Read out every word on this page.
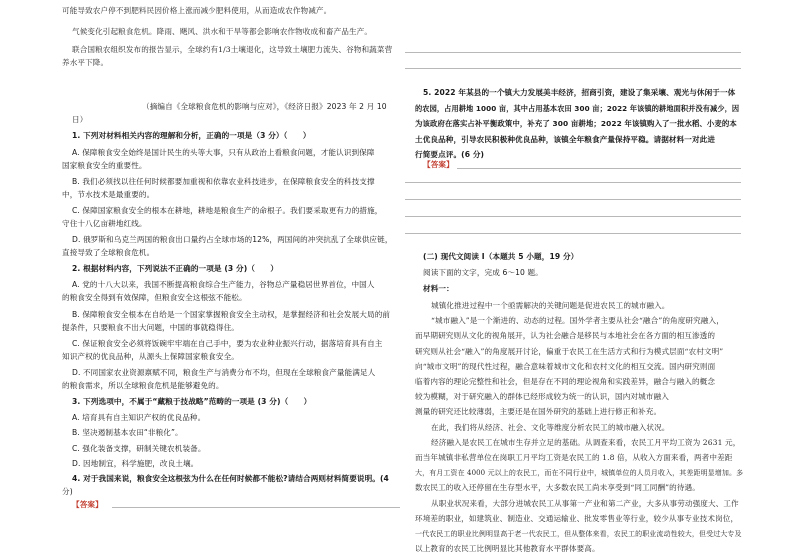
可能导致农户停不到肥料民因价格上涨而减少肥料使用，从而造成农作物减产。
气候变化引起粮食危机。降雨、飓风、洪水和干旱等都会影响农作物收成和畜产品生产。
联合国粮农组织发布的报告显示，全球约有1/3土壤退化，这导致土壤肥力流失、谷物和蔬菜营
养水平下降。
（摘编自《全球粮食危机的影响与应对》，《经济日报》2023 年 2 月 10
日）
1. 下列对材料相关内容的理解和分析，正确的一项是（3 分）（　　）
A. 保障粮食安全始终是国计民生的头等大事，只有从政治上看粮食问题，才能认识到保障
国家粮食安全的重要性。
B. 我们必须找以往任何时候都要加重视和依靠农业科技进步，在保障粮食安全的科技支撑
中，节水技术是最重要的。
C. 保障国家粮食安全的根本在耕地，耕地是粮食生产的命根子。我们要采取更有力的措施，
守住十八亿亩耕地红线。
D. 俄罗斯和乌克兰两国的粮食出口量约占全球市场的12%，两国间的冲突抗乱了全球供应链，
直接导致了全球粮食危机。
2. 根据材料内容，下列说法不正确的一项是 (3 分)（　　）
A. 党的十八大以来，我国不断提高粮食综合生产能力，谷物总产量稳居世界首位，中国人
的粮食安全得到有效保障，但粮食安全这根弦不能松。
B. 保障粮食安全根本在自给是一个国家掌握粮食安全主动权，是掌握经济和社会发展大局的前
提条件，只要粮食不出大问题，中国的事就稳得住。
C. 保证粮食安全必须将饭碗牢牢端在自己手中，要为农业种业振兴行动，据落培育具有自主
知识产权的优良品种，从源头上保障国家粮食安全。
D. 不同国家农业资源禀赋不同，粮食生产与消费分布不均，但现在全球粮食产量能满足人
的粮食需求，所以全球粮食危机是能够避免的。
3. 下列选项中，不属于“藏粮于技战略”范畴的一项是 (3 分)（　　）
A. 培育具有自主知识产权的优良品种。
B. 坚决遏制基本农田“非粮化”。
C. 强化装备支撑，研制关键农机装备。
D. 因地制宜，科学施肥，改良土壤。
4. 对于我国来说，粮食安全这根弦为什么在任何时候都不能松?请结合两则材料简要说明。(4
分)
【答案】
5. 2022 年某县的一个镇大力发展美丰经济，招商引资，建设了集采壤、观光与休闲于一体
的农园，占用耕地 1000 亩，其中占用基本农田 300 亩；2022 年该镇的耕地面积并没有减少，因
为该政府在落实占补平衡政策中，补充了 300 亩耕地；2022 年该镇购入了一批水稻、小麦的本
土优良品种，引导农民积极种优良品种，该镇全年粮食产量保持平稳。请据材料一对此进
行简要点评。(6 分)
【答案】
(二) 现代文阅读 Ⅰ（本题共 5 小题，19 分）
阅读下面的文字，完成 6～10 题。
材料一：
城镇化推进过程中一个亟需解决的关键问题是促进农民工的城市融入。
“城市融入”是一个渐进的、动态的过程。国外学者主要从社会“融合”的角度研究融入，
而早期研究则从文化的视角展开，认为社会融合是移民与本地社会在各方面的相互渗透的
研究则从社会“融入”的角度展开讨论，偏重于农民工在生活方式和行为模式层面“农村文明”
向“城市文明”的现代性过程，融合意味着城市文化和农村文化的相互交流。国内研究则面
临着内容的理论完整性和社会，但是存在不同的理论视角和实践差异，融合与融入的概念
较为模糊，对于研究融入的群体已经形成较为统一的认识，国内对城市融入
测量的研究还比较薄弱，主要还是在国外研究的基础上进行修正和补充。
在此，我们将从经济、社会、文化等维度分析农民工的城市融入状况。
经济融入是农民工在城市生存并立足的基础。从调查来看，农民工月平均工资为 2631 元，
而当年城镇非私营单位在岗职工月平均工资是农民工的 1.8 倍，从收入方面来看，两者中差距
大，有月工资在 4000 元以上的农民工，而在不同行业中，城镇单位的人员月收入，其差距明显增加。多
数农民工的收入还停留在生存型水平，大多数农民工尚未享受到“同工同酬”的待遇。
从职业状况来看，大部分进城农民工从事第一产业和第二产业，大多从事劳动强度大、工作
环境差的职业，如建筑业、制造业、交通运输业、批发零售业等行业，较少从事专业技术岗位，
一代农民工的职业比例明显高于老一代农民工，但从整体来看，农民工的职业流动性较大，但受过大专及
以上教育的农民工比例明显比其他教育水平群体要高。
